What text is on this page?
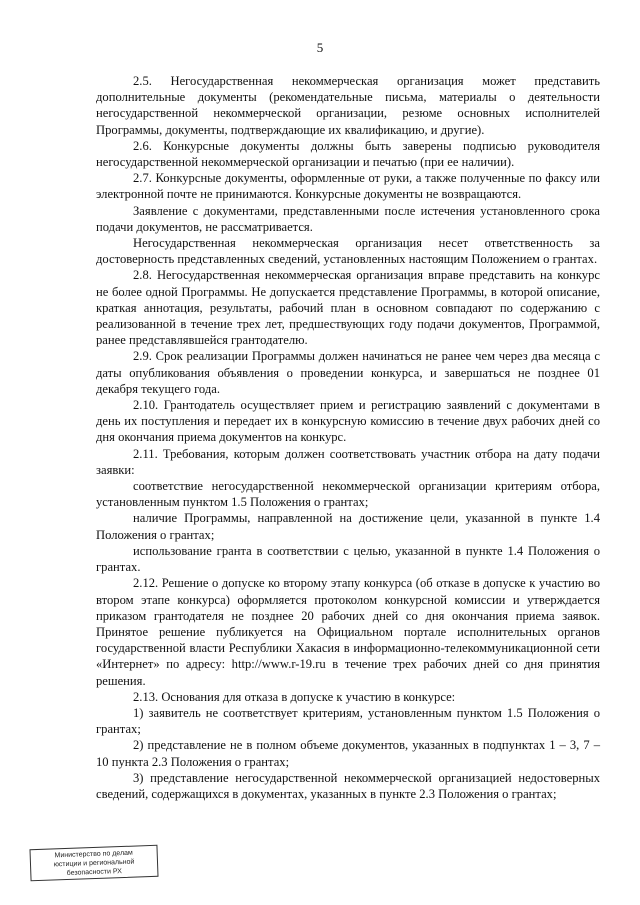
5

2.5. Негосударственная некоммерческая организация может представить дополнительные документы (рекомендательные письма, материалы о деятельности негосударственной некоммерческой организации, резюме основных исполнителей Программы, документы, подтверждающие их квалификацию, и другие).

2.6. Конкурсные документы должны быть заверены подписью руководителя негосударственной некоммерческой организации и печатью (при ее наличии).

2.7. Конкурсные документы, оформленные от руки, а также полученные по факсу или электронной почте не принимаются. Конкурсные документы не возвращаются.

Заявление с документами, представленными после истечения установленного срока подачи документов, не рассматривается.

Негосударственная некоммерческая организация несет ответственность за достоверность представленных сведений, установленных настоящим Положением о грантах.

2.8. Негосударственная некоммерческая организация вправе представить на конкурс не более одной Программы. Не допускается представление Программы, в которой описание, краткая аннотация, результаты, рабочий план в основном совпадают по содержанию с реализованной в течение трех лет, предшествующих году подачи документов, Программой, ранее представлявшейся грантодателю.

2.9. Срок реализации Программы должен начинаться не ранее чем через два месяца с даты опубликования объявления о проведении конкурса, и завершаться не позднее 01 декабря текущего года.

2.10. Грантодатель осуществляет прием и регистрацию заявлений с документами в день их поступления и передает их в конкурсную комиссию в течение двух рабочих дней со дня окончания приема документов на конкурс.

2.11. Требования, которым должен соответствовать участник отбора на дату подачи заявки:

соответствие негосударственной некоммерческой организации критериям отбора, установленным пунктом 1.5 Положения о грантах;

наличие Программы, направленной на достижение цели, указанной в пункте 1.4 Положения о грантах;

использование гранта в соответствии с целью, указанной в пункте 1.4 Положения о грантах.

2.12. Решение о допуске ко второму этапу конкурса (об отказе в допуске к участию во втором этапе конкурса) оформляется протоколом конкурсной комиссии и утверждается приказом грантодателя не позднее 20 рабочих дней со дня окончания приема заявок. Принятое решение публикуется на Официальном портале исполнительных органов государственной власти Республики Хакасия в информационно-телекоммуникационной сети «Интернет» по адресу: http://www.r-19.ru в течение трех рабочих дней со дня принятия решения.

2.13. Основания для отказа в допуске к участию в конкурсе:

1) заявитель не соответствует критериям, установленным пунктом 1.5 Положения о грантах;

2) представление не в полном объеме документов, указанных в подпунктах 1 – 3, 7 – 10 пункта 2.3 Положения о грантах;

3) представление негосударственной некоммерческой организацией недостоверных сведений, содержащихся в документах, указанных в пункте 2.3 Положения о грантах;

Министерство по делам
юстиции и региональной
безопасности РХ
